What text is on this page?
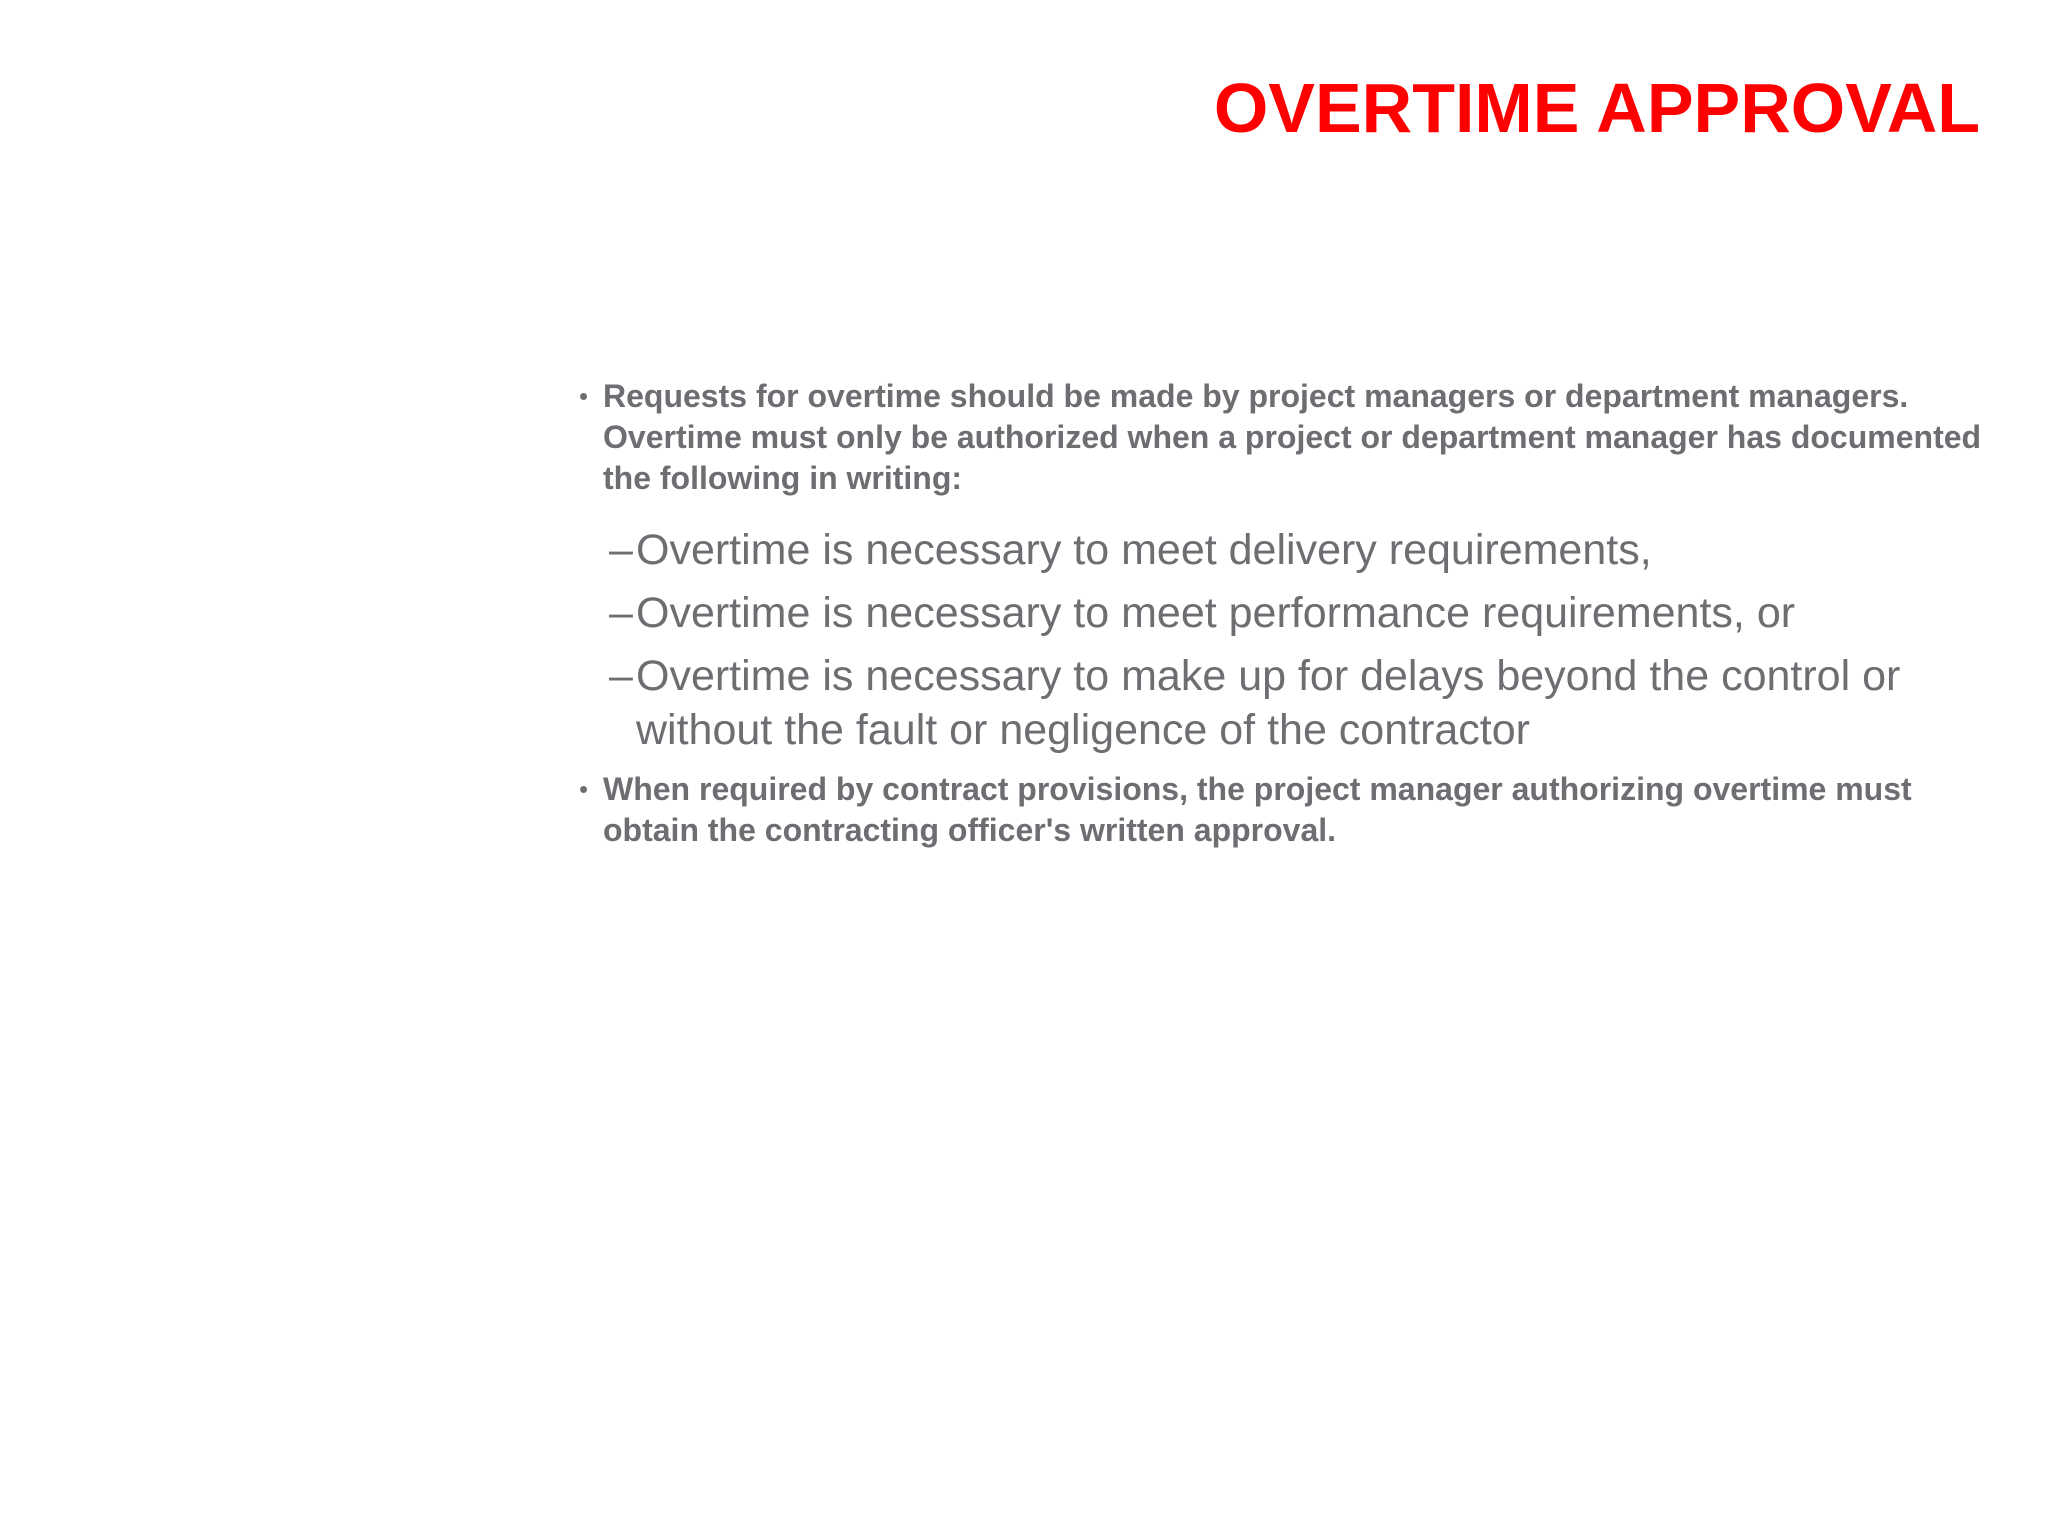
OVERTIME APPROVAL
• Requests for overtime should be made by project managers or department managers. Overtime must only be authorized when a project or department manager has documented the following in writing:
– Overtime is necessary to meet delivery requirements,
– Overtime is necessary to meet performance requirements, or
– Overtime is necessary to make up for delays beyond the control or without the fault or negligence of the contractor
• When required by contract provisions, the project manager authorizing overtime must obtain the contracting officer's written approval.
